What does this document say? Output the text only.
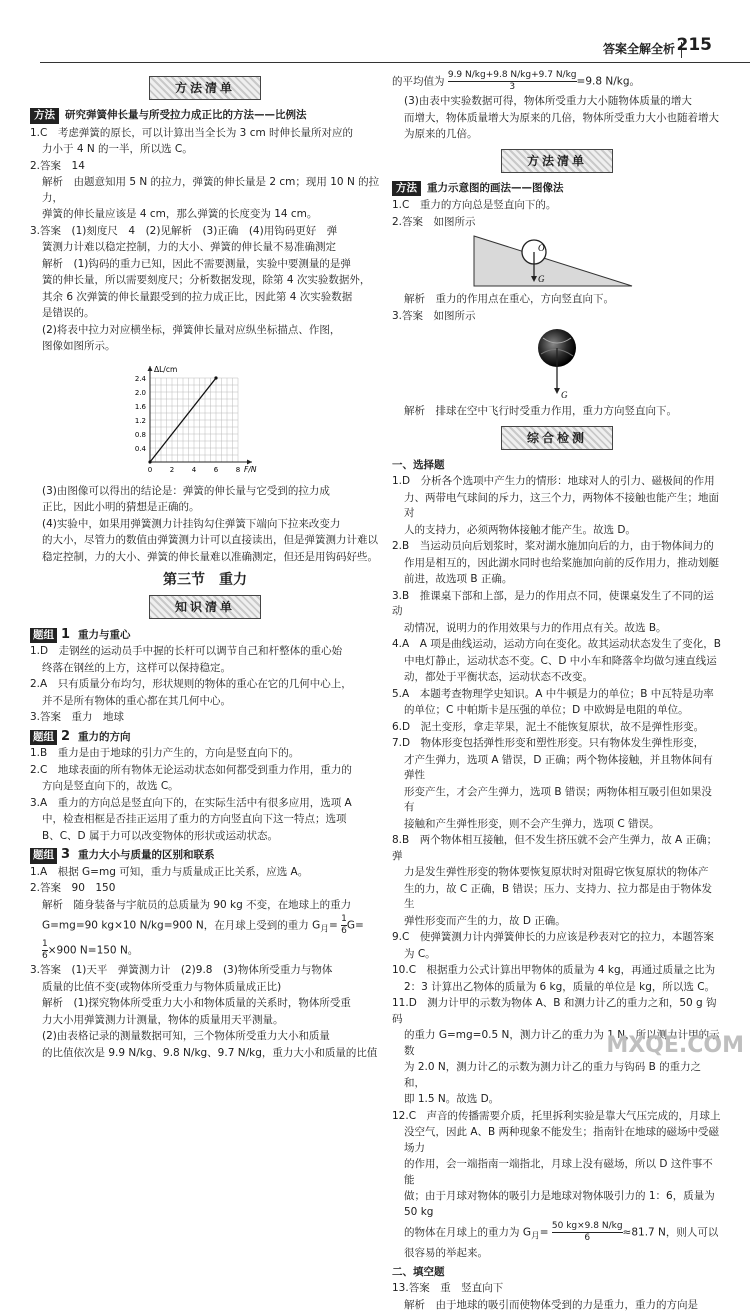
答案全解全析 215
方法清单
方法 研究弹簧伸长量与所受拉力成正比的方法——比例法

1.C　考虑弹簧的原长，可以计算出当全长为 3 cm 时伸长量所对应的

力小于 4 N 的一半，所以选 C。

2.答案　14

解析　由题意知用 5 N 的拉力，弹簧的伸长量是 2 cm；现用 10 N 的拉力，

弹簧的伸长量应该是 4 cm，那么弹簧的长度变为 14 cm。

3.答案　(1)刻度尺　4　(2)见解析　(3)正确　(4)用钩码更好　弹

簧测力计难以稳定控制，力的大小、弹簧的伸长量不易准确测定

解析　(1)钩码的重力已知，因此不需要测量，实验中要测量的是弹

簧的伸长量，所以需要刻度尺；分析数据发现，除第 4 次实验数据外，

其余 6 次弹簧的伸长量跟受到的拉力成正比，因此第 4 次实验数据

是错误的。

(2)将表中拉力对应横坐标，弹簧伸长量对应纵坐标描点、作图，

图像如图所示。

0.4
0.8
1.2
1.6
2.0
2.4
0	2	4	6	8
ΔL/cm
F/N

(3)由图像可以得出的结论是：弹簧的伸长量与它受到的拉力成

正比，因此小明的猜想是正确的。

(4)实验中，如果用弹簧测力计挂钩勾住弹簧下端向下拉来改变力

的大小，尽管力的数值由弹簧测力计可以直接读出，但是弹簧测力计难以

稳定控制，力的大小、弹簧的伸长量难以准确测定，但还是用钩码好些。

第三节　重力
知识清单
题组 1 重力与重心

1.D　走钢丝的运动员手中握的长杆可以调节自己和杆整体的重心始

终落在钢丝的上方，这样可以保持稳定。

2.A　只有质量分布均匀，形状规则的物体的重心在它的几何中心上，

并不是所有物体的重心都在其几何中心。

3.答案　重力　地球

题组 2 重力的方向

1.B　重力是由于地球的引力产生的，方向是竖直向下的。

2.C　地球表面的所有物体无论运动状态如何都受到重力作用，重力的

方向是竖直向下的，故选 C。

3.A　重力的方向总是竖直向下的，在实际生活中有很多应用，选项 A

中，检查相框是否挂正运用了重力的方向竖直向下这一特点；选项

B、C、D 属于力可以改变物体的形状或运动状态。

题组 3 重力大小与质量的区别和联系

1.A　根据 G=mg 可知，重力与质量成正比关系，应选 A。

2.答案　90　150

解析　随身装备与宇航员的总质量为 90 kg 不变，在地球上的重力

G=mg=90 kg×10 N/kg=900 N，在月球上受到的重力 $G_月= \frac{1}{6} G=$

$\frac{1}{6} \times 900$ N=150 N。

3.答案　(1)天平　弹簧测力计　(2)9.8　(3)物体所受重力与物体

质量的比值不变(或物体所受重力与物体质量成正比)

解析　(1)探究物体所受重力大小和物体质量的关系时，物体所受重

力大小用弹簧测力计测量，物体的质量用天平测量。

(2)由表格记录的测量数据可知，三个物体所受重力大小和质量

的比值依次是 9.9 N/kg、9.8 N/kg、9.7 N/kg，重力大小和质量的比值

的平均值为 $\frac{9.9 N/kg+9.8 N/kg+9.7 N/kg}{3} =9.8$ N/kg。

(3)由表中实验数据可得，物体所受重力大小随物体质量的增大

而增大，物体质量增大为原来的几倍，物体所受重力大小也随着增大

为原来的几倍。

方法清单
方法 重力示意图的画法——图像法

1.C　重力的方向总是竖直向下的。

2.答案　如图所示

O
G

解析　重力的作用点在重心，方向竖直向下。

3.答案　如图所示

G

解析　排球在空中飞行时受重力作用，重力方向竖直向下。

综合检测
一、选择题

1.D　分析各个选项中产生力的情形：地球对人的引力、磁极间的作用

力、两带电气球间的斥力，这三个力，两物体不接触也能产生；地面对

人的支持力，必须两物体接触才能产生。故选 D。

2.B　当运动员向后划浆时，桨对湖水施加向后的力，由于物体间力的

作用是相互的，因此湖水同时也给桨施加向前的反作用力，推动划艇

前进，故选项 B 正确。

3.B　推课桌下部和上部，是力的作用点不同，使课桌发生了不同的运动

动情况，说明力的作用效果与力的作用点有关。故选 B。

4.A　A 项是曲线运动，运动方向在变化。故其运动状态发生了变化，B

中电灯静止，运动状态不变。C、D 中小车和降落伞均做匀速直线运

动，都处于平衡状态，运动状态不改变。

5.A　本题考查物理学史知识。A 中牛顿是力的单位；B 中瓦特是功率

的单位；C 中帕斯卡是压强的单位；D 中欧姆是电阻的单位。

6.D　泥土变形，拿走苹果，泥土不能恢复原状，故不是弹性形变。

7.D　物体形变包括弹性形变和塑性形变。只有物体发生弹性形变，

才产生弹力，选项 A 错误，D 正确；两个物体接触，并且物体间有弹性

形变产生，才会产生弹力，选项 B 错误；两物体相互吸引但如果没有

接触和产生弹性形变，则不会产生弹力，选项 C 错误。

8.B　两个物体相互接触，但不发生挤压就不会产生弹力，故 A 正确；弹

力是发生弹性形变的物体要恢复原状时对阻碍它恢复原状的物体产

生的力，故 C 正确，B 错误；压力、支持力、拉力都是由于物体发生

弹性形变而产生的力，故 D 正确。

9.C　使弹簧测力计内弹簧伸长的力应该是秒表对它的拉力，本题答案

为 C。

10.C　根据重力公式计算出甲物体的质量为 4 kg，再通过质量之比为

2：3 计算出乙物体的质量为 6 kg，质量的单位是 kg，所以选 C。

11.D　测力计甲的示数为物体 A、B 和测力计乙的重力之和，50 g 钩码

的重力 G=mg=0.5 N，测力计乙的重力为 1 N，所以测力计甲的示数

为 2.0 N，测力计乙的示数为测力计乙的重力与钩码 B 的重力之和，

即 1.5 N。故选 D。

12.C　声音的传播需要介质，托里拆利实验是靠大气压完成的，月球上

没空气，因此 A、B 两种现象不能发生；指南针在地球的磁场中受磁场力

的作用，会一端指南一端指北，月球上没有磁场，所以 D 这件事不能

做；由于月球对物体的吸引力是地球对物体吸引力的 1：6，质量为 50 kg

的物体在月球上的重力为 $G_月= \frac{50 kg\times 9.8 N/kg}{6} \approx 81.7$ N，则人可以

很容易的举起来。

二、填空题

13.答案　重　竖直向下

解析　由于地球的吸引而使物体受到的力是重力，重力的方向是

MXQE.COM
